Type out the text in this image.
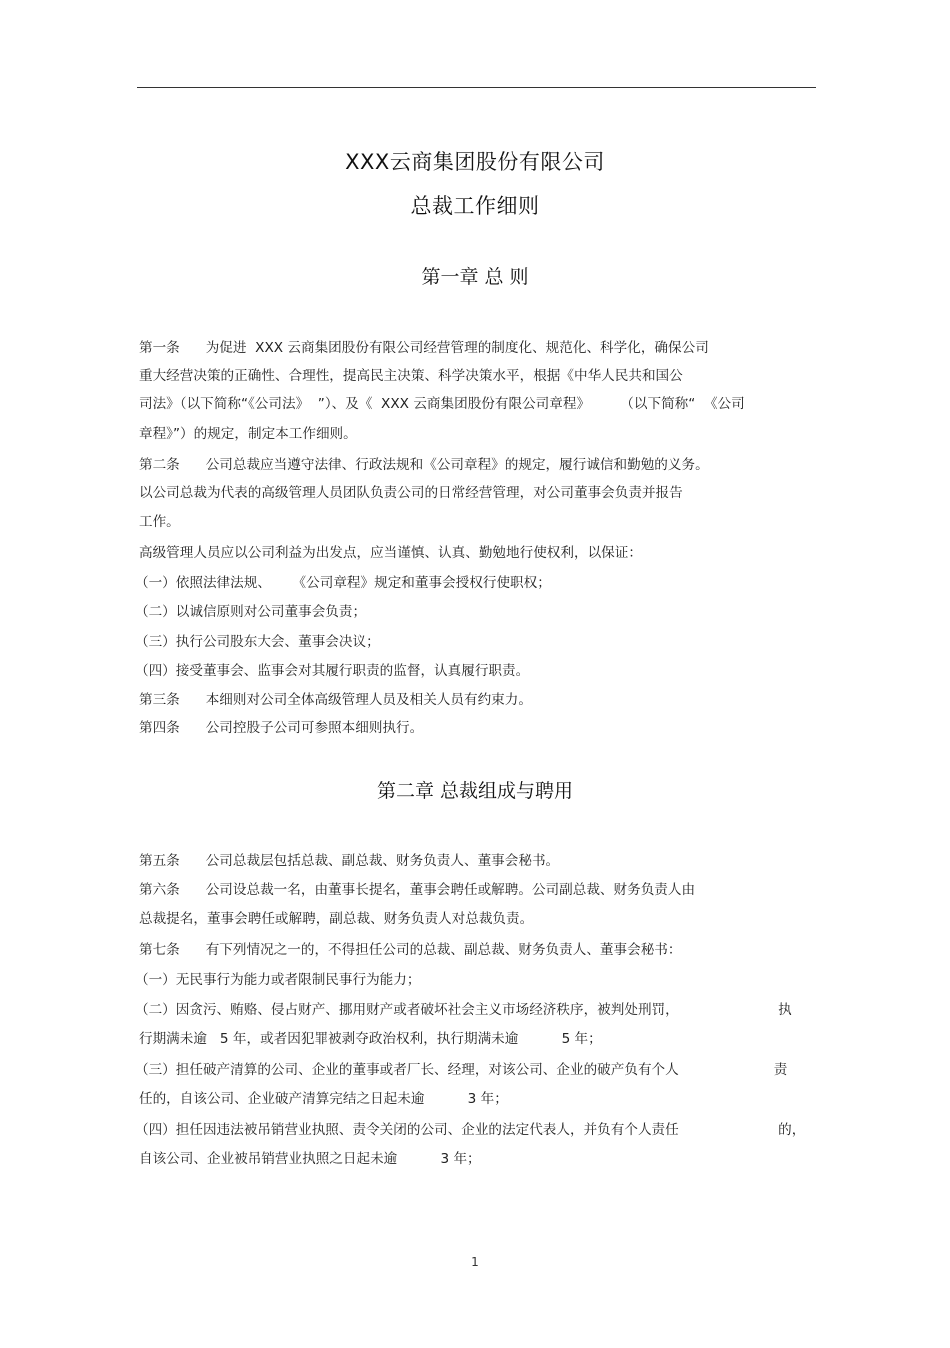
XXX云商集团股份有限公司
总裁工作细则
第一章 总 则
第一条      为促进  XXX 云商集团股份有限公司经营管理的制度化、规范化、科学化，确保公司
重大经营决策的正确性、合理性，提高民主决策、科学决策水平，根据《中华人民共和国公
司法》（以下简称“《公司法》  ”）、及《  XXX 云商集团股份有限公司章程》       （以下简称“  《公司
章程》”）的规定，制定本工作细则。
第二条      公司总裁应当遵守法律、行政法规和《公司章程》的规定，履行诚信和勤勉的义务。
以公司总裁为代表的高级管理人员团队负责公司的日常经营管理，对公司董事会负责并报告
工作。
高级管理人员应以公司利益为出发点，应当谨慎、认真、勤勉地行使权利，以保证：
（一）依照法律法规、     《公司章程》规定和董事会授权行使职权；
（二）以诚信原则对公司董事会负责；
（三）执行公司股东大会、董事会决议；
（四）接受董事会、监事会对其履行职责的监督，认真履行职责。
第三条      本细则对公司全体高级管理人员及相关人员有约束力。
第四条      公司控股子公司可参照本细则执行。
第二章 总裁组成与聘用
第五条      公司总裁层包括总裁、副总裁、财务负责人、董事会秘书。
第六条      公司设总裁一名，由董事长提名，董事会聘任或解聘。公司副总裁、财务负责人由
总裁提名，董事会聘任或解聘，副总裁、财务负责人对总裁负责。
第七条      有下列情况之一的，不得担任公司的总裁、副总裁、财务负责人、董事会秘书：
（一）无民事行为能力或者限制民事行为能力；
（二）因贪污、贿赂、侵占财产、挪用财产或者破坏社会主义市场经济秩序，被判处刑罚，                       执
行期满未逾   5 年，或者因犯罪被剥夺政治权利，执行期满未逾          5 年；
（三）担任破产清算的公司、企业的董事或者厂长、经理，对该公司、企业的破产负有个人                      责
任的，自该公司、企业破产清算完结之日起未逾          3 年；
（四）担任因违法被吊销营业执照、责令关闭的公司、企业的法定代表人，并负有个人责任                       的，
自该公司、企业被吊销营业执照之日起未逾          3 年；
1
